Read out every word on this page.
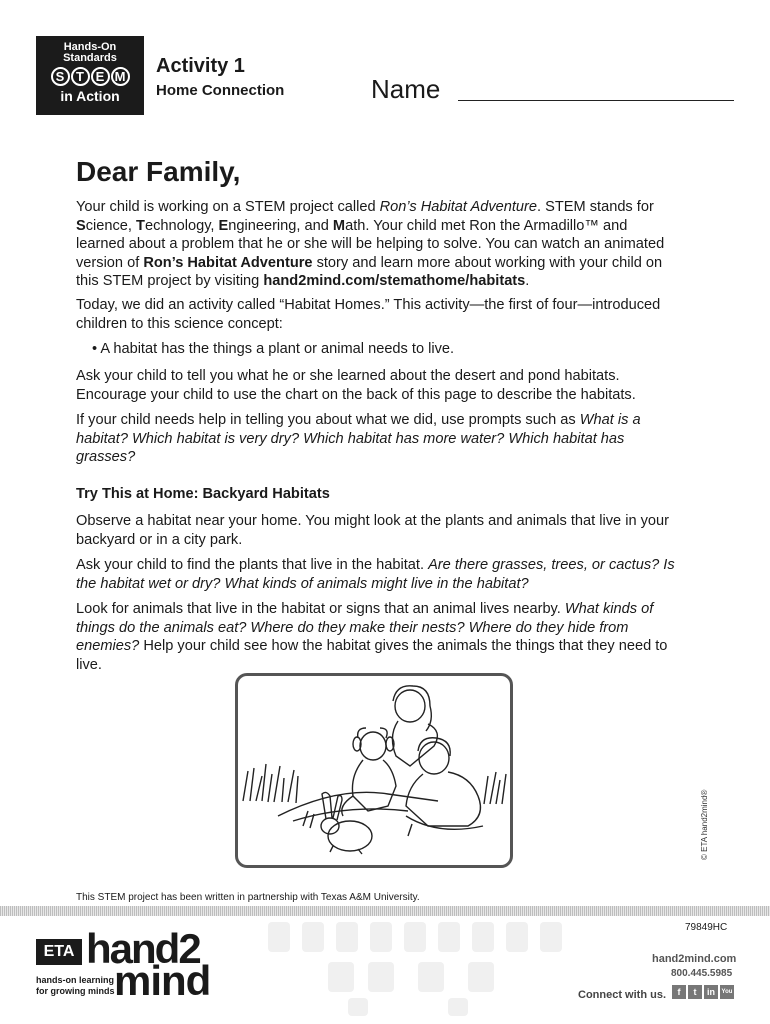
Hands-On
Standards
S T E M
in Action
Activity 1
Home Connection	Name
Dear Family,
Your child is working on a STEM project called Ron’s Habitat Adventure. STEM stands for Science, Technology, Engineering, and Math. Your child met Ron the Armadillo™ and learned about a problem that he or she will be helping to solve. You can watch an animated version of Ron’s Habitat Adventure story and learn more about working with your child on this STEM project by visiting hand2mind.com/stemathome/habitats.
Today, we did an activity called “Habitat Homes.” This activity—the first of four—introduced children to this science concept:
• A habitat has the things a plant or animal needs to live.
Ask your child to tell you what he or she learned about the desert and pond habitats. Encourage your child to use the chart on the back of this page to describe the habitats.
If your child needs help in telling you about what we did, use prompts such as What is a habitat? Which habitat is very dry? Which habitat has more water? Which habitat has grasses?
Try This at Home: Backyard Habitats
Observe a habitat near your home. You might look at the plants and animals that live in your backyard or in a city park.
Ask your child to find the plants that live in the habitat. Are there grasses, trees, or cactus? Is the habitat wet or dry? What kinds of animals might live in the habitat?
Look for animals that live in the habitat or signs that an animal lives nearby. What kinds of things do the animals eat? Where do they make their nests? Where do they hide from enemies? Help your child see how the habitat gives the animals the things that they need to live.
© ETA hand2mind®
This STEM project has been written in partnership with Texas A&M University.
79849HC
ETA hand2
mind
hands-on learning
for growing minds
hand2mind.com
800.445.5985
Connect with us.	f	t	in	You
